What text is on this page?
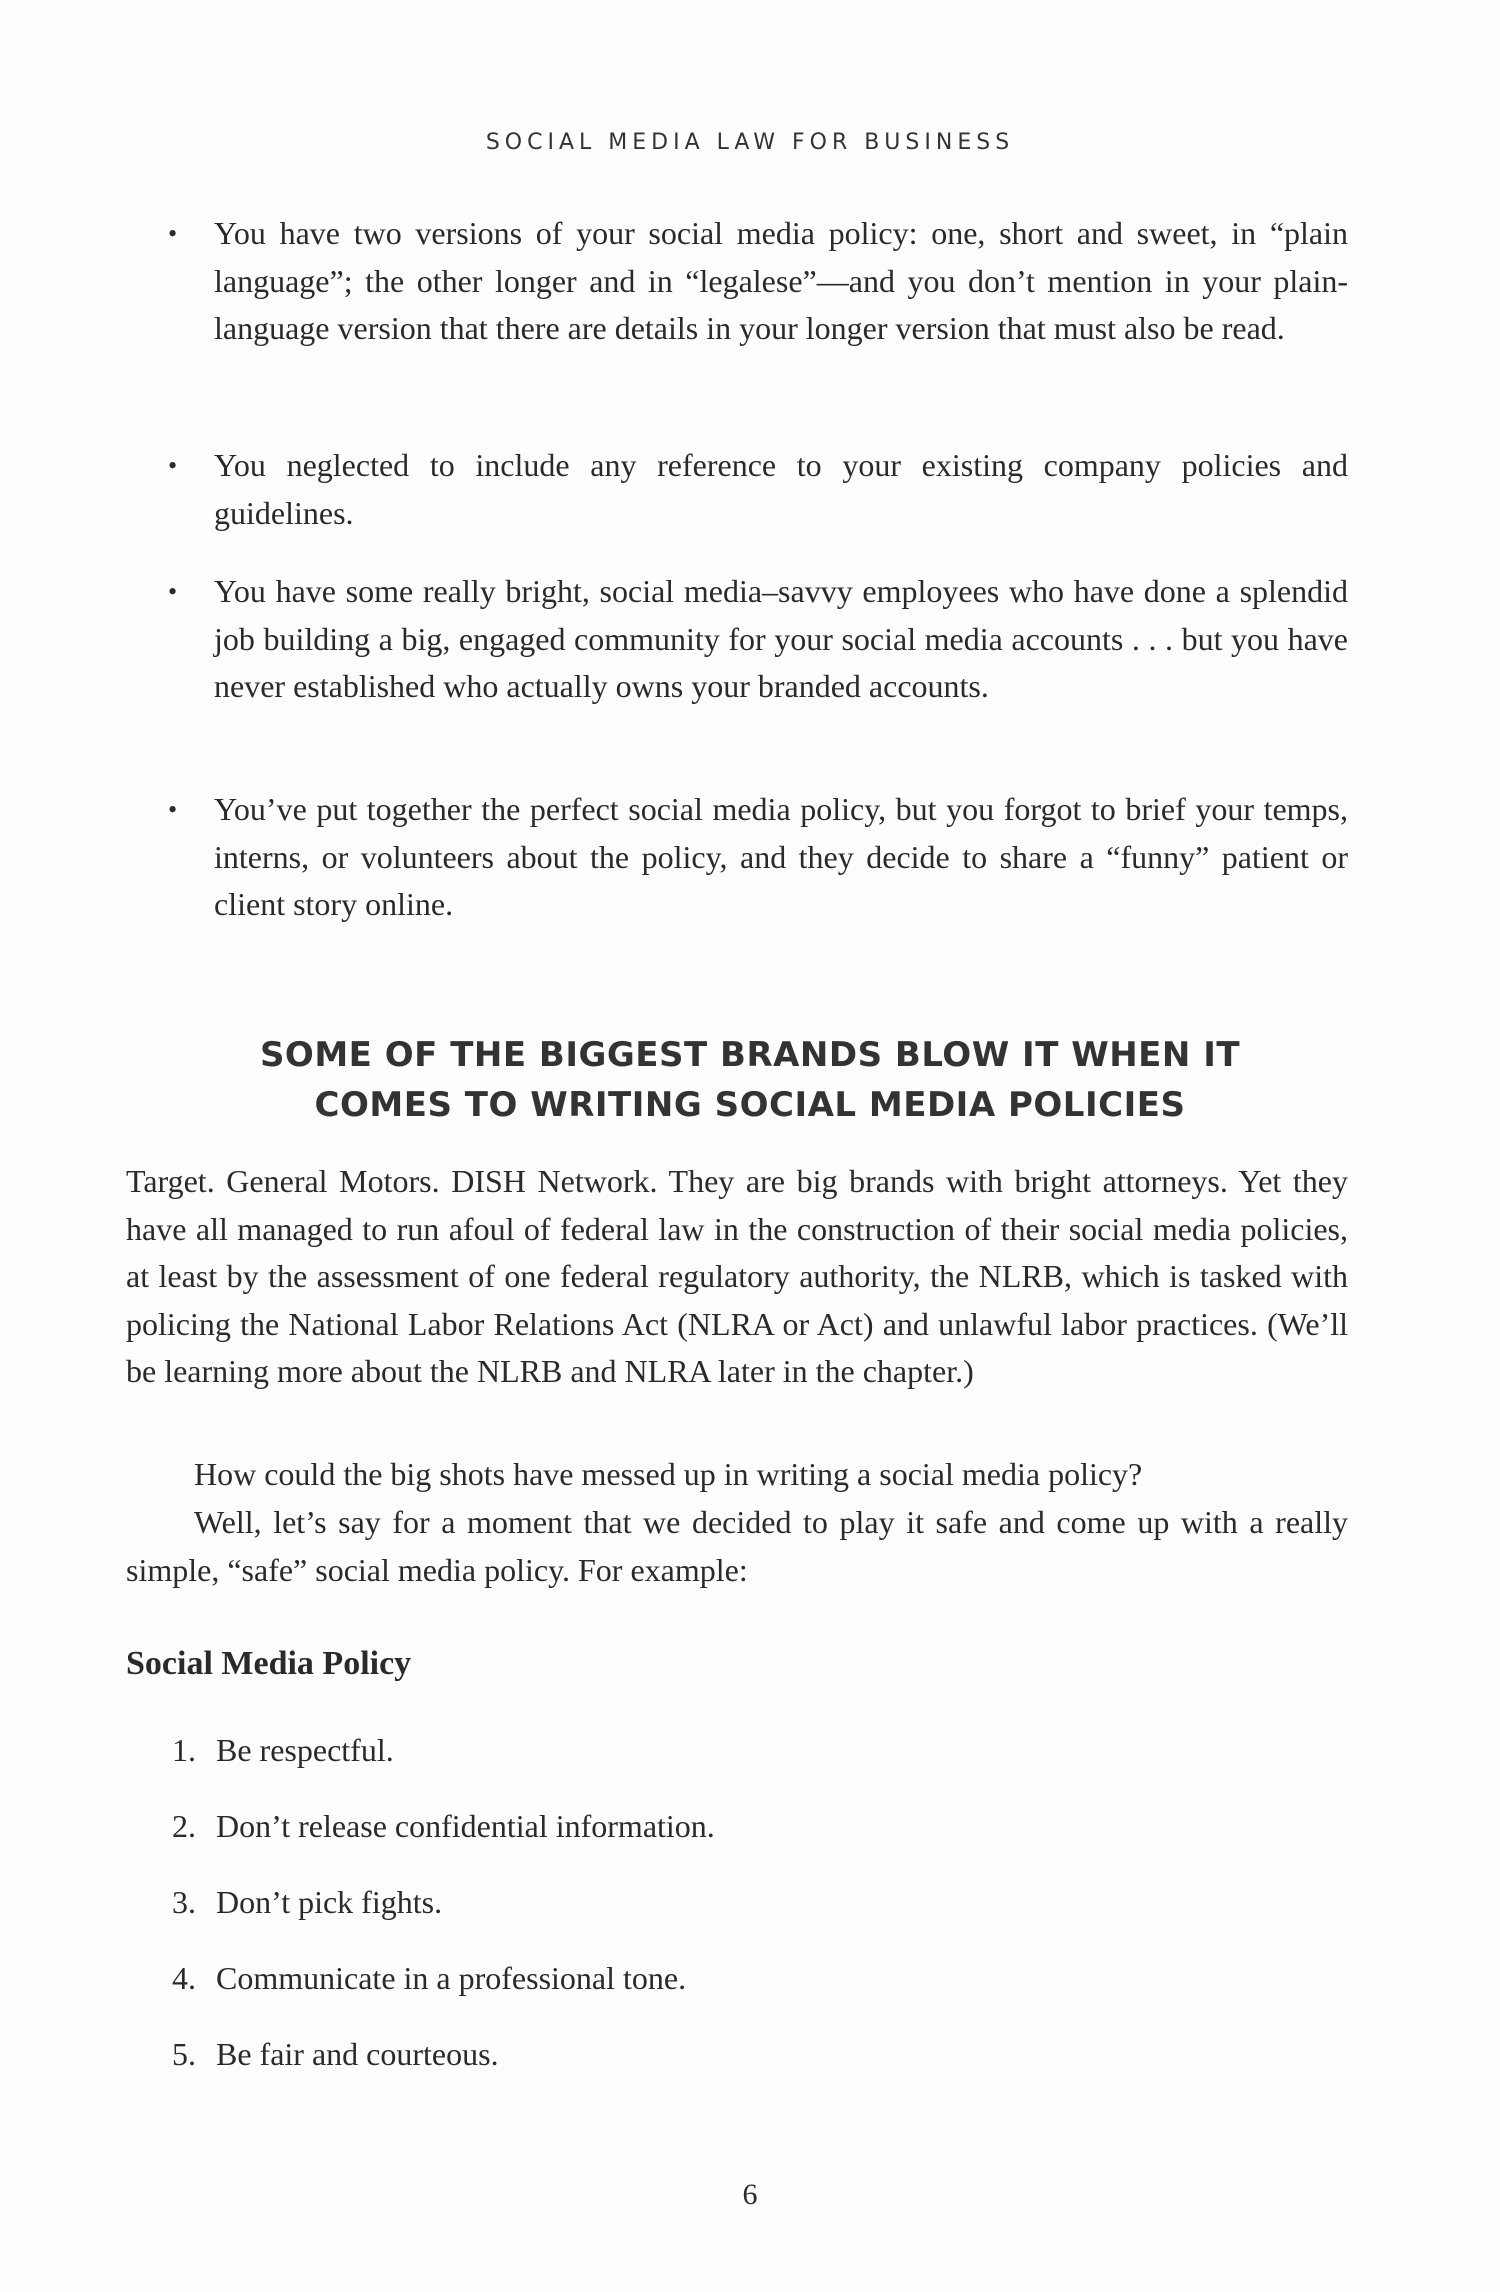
SOCIAL MEDIA LAW FOR BUSINESS
• You have two versions of your social media policy: one, short and sweet, in “plain language”; the other longer and in “legalese”—and you don’t mention in your plain-language version that there are details in your longer version that must also be read.
• You neglected to include any reference to your existing company policies and guidelines.
• You have some really bright, social media–savvy employees who have done a splendid job building a big, engaged community for your social media accounts . . . but you have never established who actually owns your branded accounts.
• You’ve put together the perfect social media policy, but you forgot to brief your temps, interns, or volunteers about the policy, and they decide to share a “funny” patient or client story online.
SOME OF THE BIGGEST BRANDS BLOW IT WHEN IT
COMES TO WRITING SOCIAL MEDIA POLICIES
Target. General Motors. DISH Network. They are big brands with bright attorneys. Yet they have all managed to run afoul of federal law in the construction of their social media policies, at least by the assessment of one federal regulatory authority, the NLRB, which is tasked with policing the National Labor Relations Act (NLRA or Act) and unlawful labor practices. (We’ll be learning more about the NLRB and NLRA later in the chapter.)
How could the big shots have messed up in writing a social media policy?
Well, let’s say for a moment that we decided to play it safe and come up with a really simple, “safe” social media policy. For example:
Social Media Policy
1. Be respectful.
2. Don’t release confidential information.
3. Don’t pick fights.
4. Communicate in a professional tone.
5. Be fair and courteous.
6
